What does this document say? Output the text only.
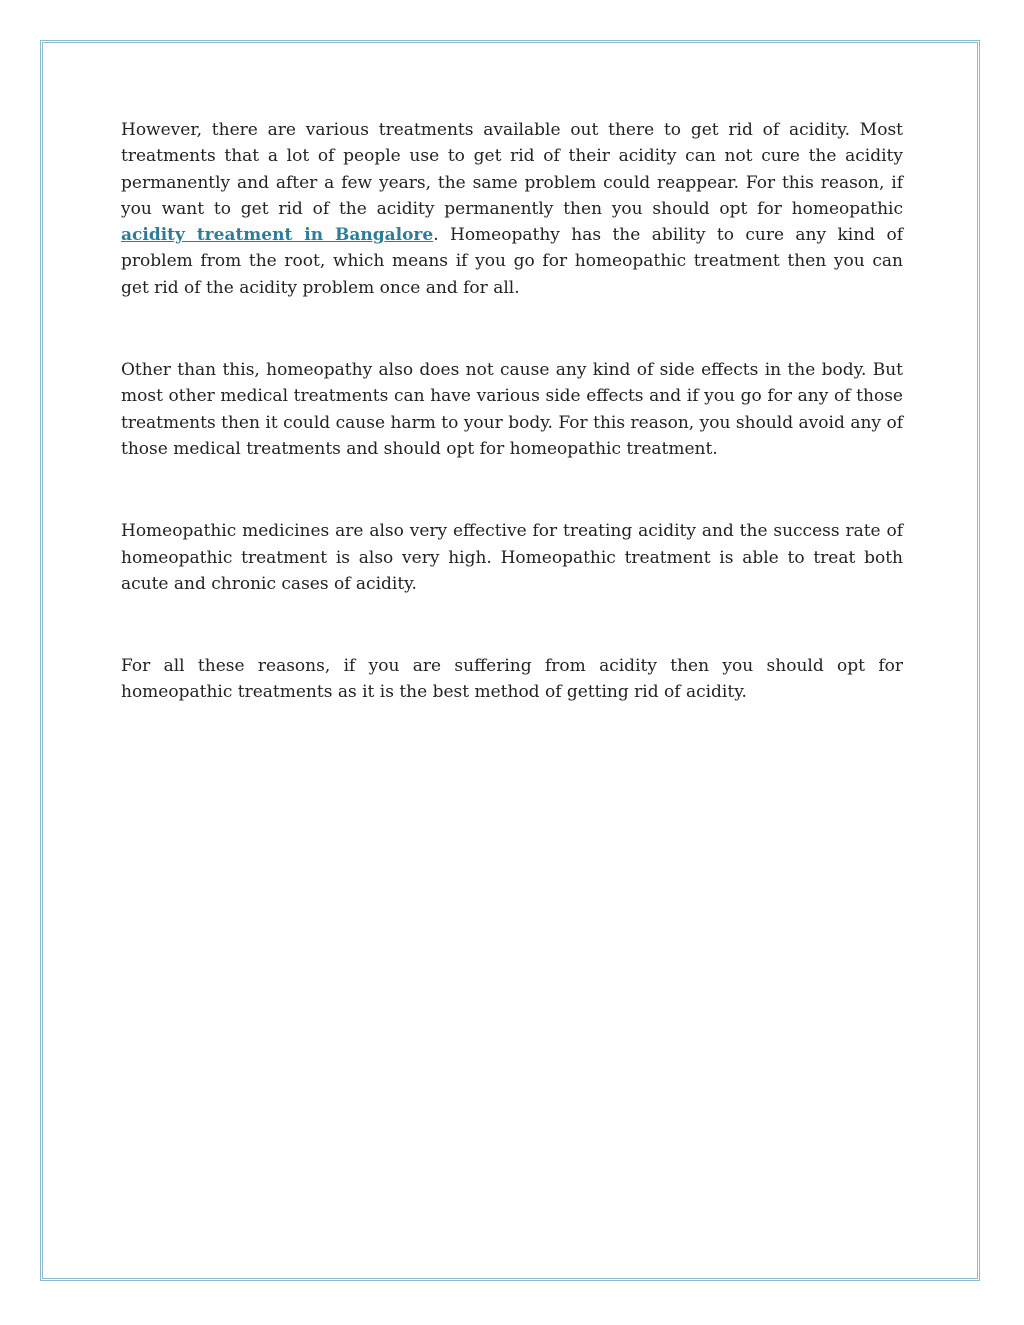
However, there are various treatments available out there to get rid of acidity. Most treatments that a lot of people use to get rid of their acidity can not cure the acidity permanently and after a few years, the same problem could reappear. For this reason, if you want to get rid of the acidity permanently then you should opt for homeopathic acidity treatment in Bangalore. Homeopathy has the ability to cure any kind of problem from the root, which means if you go for homeopathic treatment then you can get rid of the acidity problem once and for all.

Other than this, homeopathy also does not cause any kind of side effects in the body. But most other medical treatments can have various side effects and if you go for any of those treatments then it could cause harm to your body. For this reason, you should avoid any of those medical treatments and should opt for homeopathic treatment.

Homeopathic medicines are also very effective for treating acidity and the success rate of homeopathic treatment is also very high. Homeopathic treatment is able to treat both acute and chronic cases of acidity.

For all these reasons, if you are suffering from acidity then you should opt for homeopathic treatments as it is the best method of getting rid of acidity.
